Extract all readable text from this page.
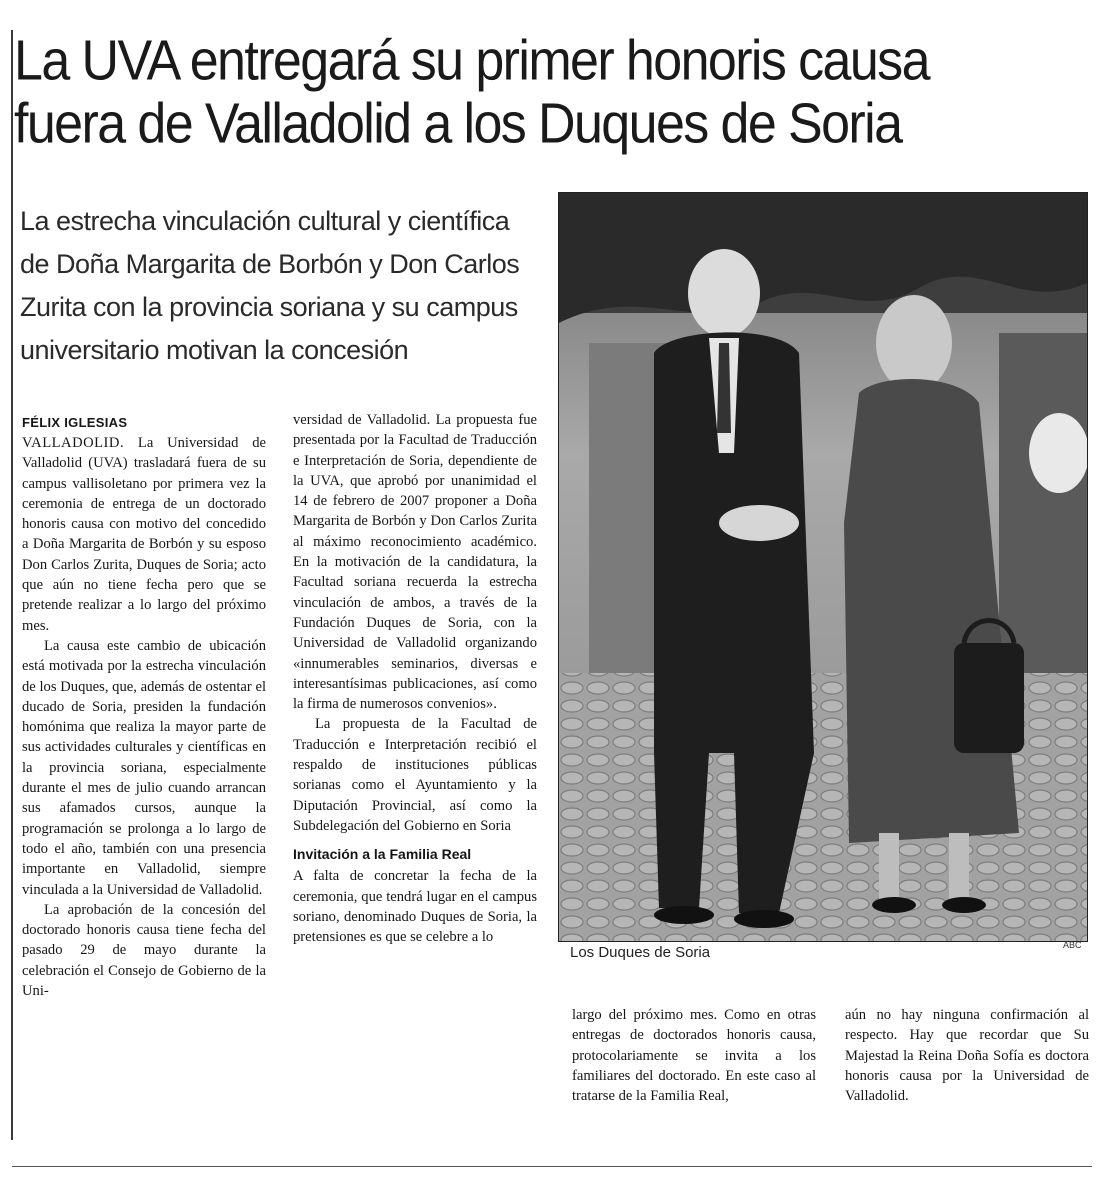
La UVA entregará su primer honoris causa
fuera de Valladolid a los Duques de Soria

La estrecha vinculación cultural y científica de Doña Margarita de Borbón y Don Carlos Zurita con la provincia soriana y su campus universitario motivan la concesión

FÉLIX IGLESIAS

VALLADOLID. La Universidad de Valladolid (UVA) trasladará fuera de su campus vallisoletano por primera vez la ceremonia de entrega de un doctorado honoris causa con motivo del concedido a Doña Margarita de Borbón y su esposo Don Carlos Zurita, Duques de Soria; acto que aún no tiene fecha pero que se pretende realizar a lo largo del próximo mes.

La causa este cambio de ubicación está motivada por la estrecha vinculación de los Duques, que, además de ostentar el ducado de Soria, presiden la fundación homónima que realiza la mayor parte de sus actividades culturales y científicas en la provincia soriana, especialmente durante el mes de julio cuando arrancan sus afamados cursos, aunque la programación se prolonga a lo largo de todo el año, también con una presencia importante en Valladolid, siempre vinculada a la Universidad de Valladolid.

La aprobación de la concesión del doctorado honoris causa tiene fecha del pasado 29 de mayo durante la celebración el Consejo de Gobierno de la Uni-

versidad de Valladolid. La propuesta fue presentada por la Facultad de Traducción e Interpretación de Soria, dependiente de la UVA, que aprobó por unanimidad el 14 de febrero de 2007 proponer a Doña Margarita de Borbón y Don Carlos Zurita al máximo reconocimiento académico. En la motivación de la candidatura, la Facultad soriana recuerda la estrecha vinculación de ambos, a través de la Fundación Duques de Soria, con la Universidad de Valladolid organizando «innumerables seminarios, diversas e interesantísimas publicaciones, así como la firma de numerosos convenios».

La propuesta de la Facultad de Traducción e Interpretación recibió el respaldo de instituciones públicas sorianas como el Ayuntamiento y la Diputación Provincial, así como la Subdelegación del Gobierno en Soria

Invitación a la Familia Real

A falta de concretar la fecha de la ceremonia, que tendrá lugar en el campus soriano, denominado Duques de Soria, la pretensiones es que se celebre a lo

largo del próximo mes. Como en otras entregas de doctorados honoris causa, protocolariamente se invita a los familiares del doctorado. En este caso al tratarse de la Familia Real,

aún no hay ninguna confirmación al respecto. Hay que recordar que Su Majestad la Reina Doña Sofía es doctora honoris causa por la Universidad de Valladolid.

ABC
Los Duques de Soria
